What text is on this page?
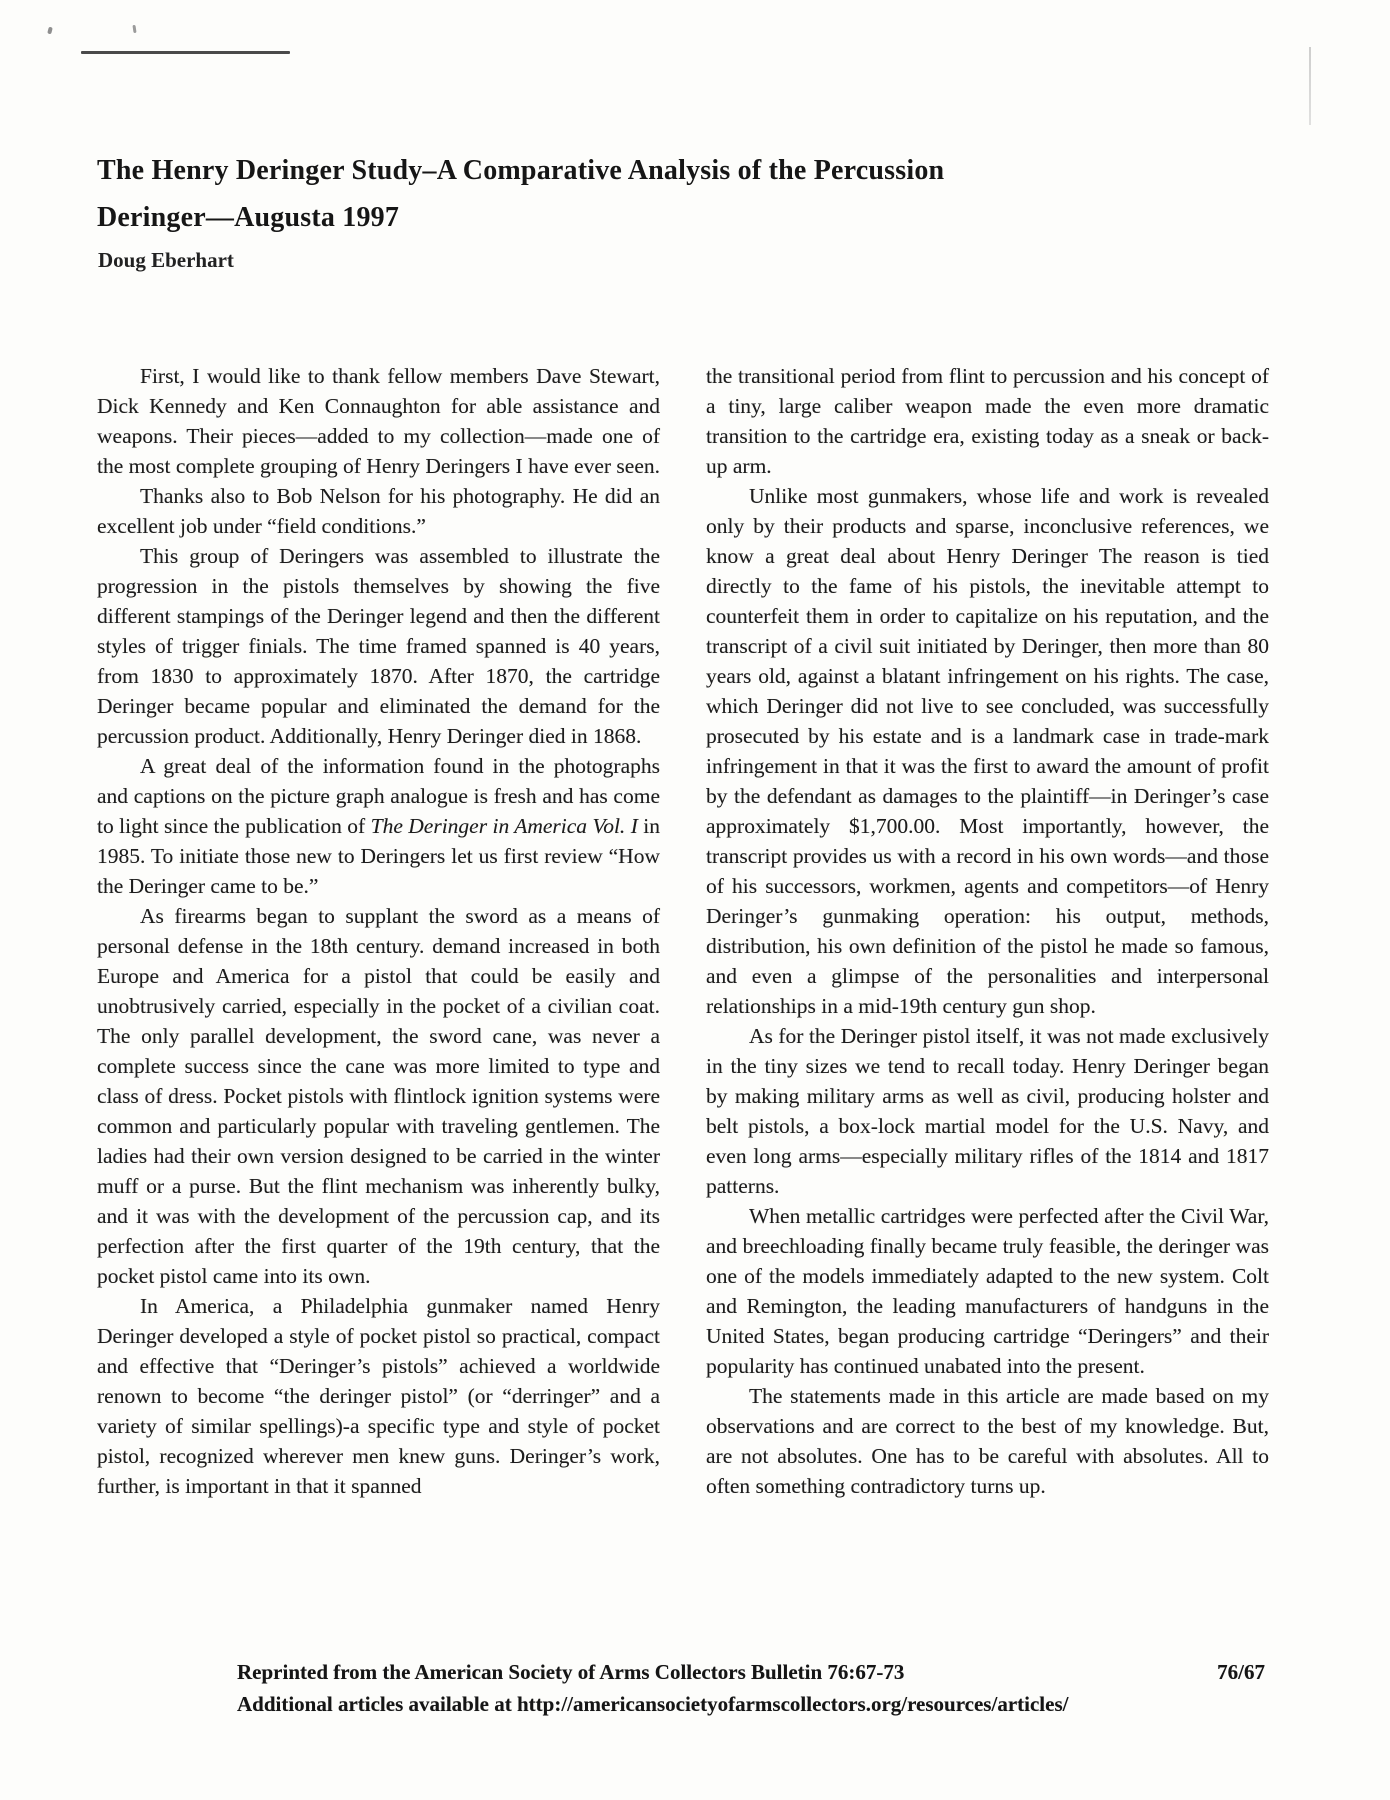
The Henry Deringer Study–A Comparative Analysis of the Percussion
Deringer—Augusta 1997
Doug Eberhart

First, I would like to thank fellow members Dave Stewart, Dick Kennedy and Ken Connaughton for able assistance and weapons. Their pieces—added to my collection—made one of the most complete grouping of Henry Deringers I have ever seen.

Thanks also to Bob Nelson for his photography. He did an excellent job under “field conditions.”

This group of Deringers was assembled to illustrate the progression in the pistols themselves by showing the five different stampings of the Deringer legend and then the different styles of trigger finials. The time framed spanned is 40 years, from 1830 to approximately 1870. After 1870, the cartridge Deringer became popular and eliminated the demand for the percussion product. Additionally, Henry Deringer died in 1868.

A great deal of the information found in the photographs and captions on the picture graph analogue is fresh and has come to light since the publication of The Deringer in America Vol. I in 1985. To initiate those new to Deringers let us first review “How the Deringer came to be.”

As firearms began to supplant the sword as a means of personal defense in the 18th century. demand increased in both Europe and America for a pistol that could be easily and unobtrusively carried, especially in the pocket of a civilian coat. The only parallel development, the sword cane, was never a complete success since the cane was more limited to type and class of dress. Pocket pistols with flintlock ignition systems were common and particularly popular with traveling gentlemen. The ladies had their own version designed to be carried in the winter muff or a purse. But the flint mechanism was inherently bulky, and it was with the development of the percussion cap, and its perfection after the first quarter of the 19th century, that the pocket pistol came into its own.

In America, a Philadelphia gunmaker named Henry Deringer developed a style of pocket pistol so practical, compact and effective that “Deringer’s pistols” achieved a worldwide renown to become “the deringer pistol” (or “derringer” and a variety of similar spellings)-a specific type and style of pocket pistol, recognized wherever men knew guns. Deringer’s work, further, is important in that it spanned

the transitional period from flint to percussion and his concept of a tiny, large caliber weapon made the even more dramatic transition to the cartridge era, existing today as a sneak or back-up arm.

Unlike most gunmakers, whose life and work is revealed only by their products and sparse, inconclusive references, we know a great deal about Henry Deringer The reason is tied directly to the fame of his pistols, the inevitable attempt to counterfeit them in order to capitalize on his reputation, and the transcript of a civil suit initiated by Deringer, then more than 80 years old, against a blatant infringement on his rights. The case, which Deringer did not live to see concluded, was successfully prosecuted by his estate and is a landmark case in trade-mark infringement in that it was the first to award the amount of profit by the defendant as damages to the plaintiff—in Deringer’s case approximately $1,700.00. Most importantly, however, the transcript provides us with a record in his own words—and those of his successors, workmen, agents and competitors—of Henry Deringer’s gunmaking operation: his output, methods, distribution, his own definition of the pistol he made so famous, and even a glimpse of the personalities and interpersonal relationships in a mid-19th century gun shop.

As for the Deringer pistol itself, it was not made exclusively in the tiny sizes we tend to recall today. Henry Deringer began by making military arms as well as civil, producing holster and belt pistols, a box-lock martial model for the U.S. Navy, and even long arms—especially military rifles of the 1814 and 1817 patterns.

When metallic cartridges were perfected after the Civil War, and breechloading finally became truly feasible, the deringer was one of the models immediately adapted to the new system. Colt and Remington, the leading manufacturers of handguns in the United States, began producing cartridge “Deringers” and their popularity has continued unabated into the present.

The statements made in this article are made based on my observations and are correct to the best of my knowledge. But, are not absolutes. One has to be careful with absolutes. All to often something contradictory turns up.

Reprinted from the American Society of Arms Collectors Bulletin 76:67-73
Additional articles available at http://americansocietyofarmscollectors.org/resources/articles/
76/67
